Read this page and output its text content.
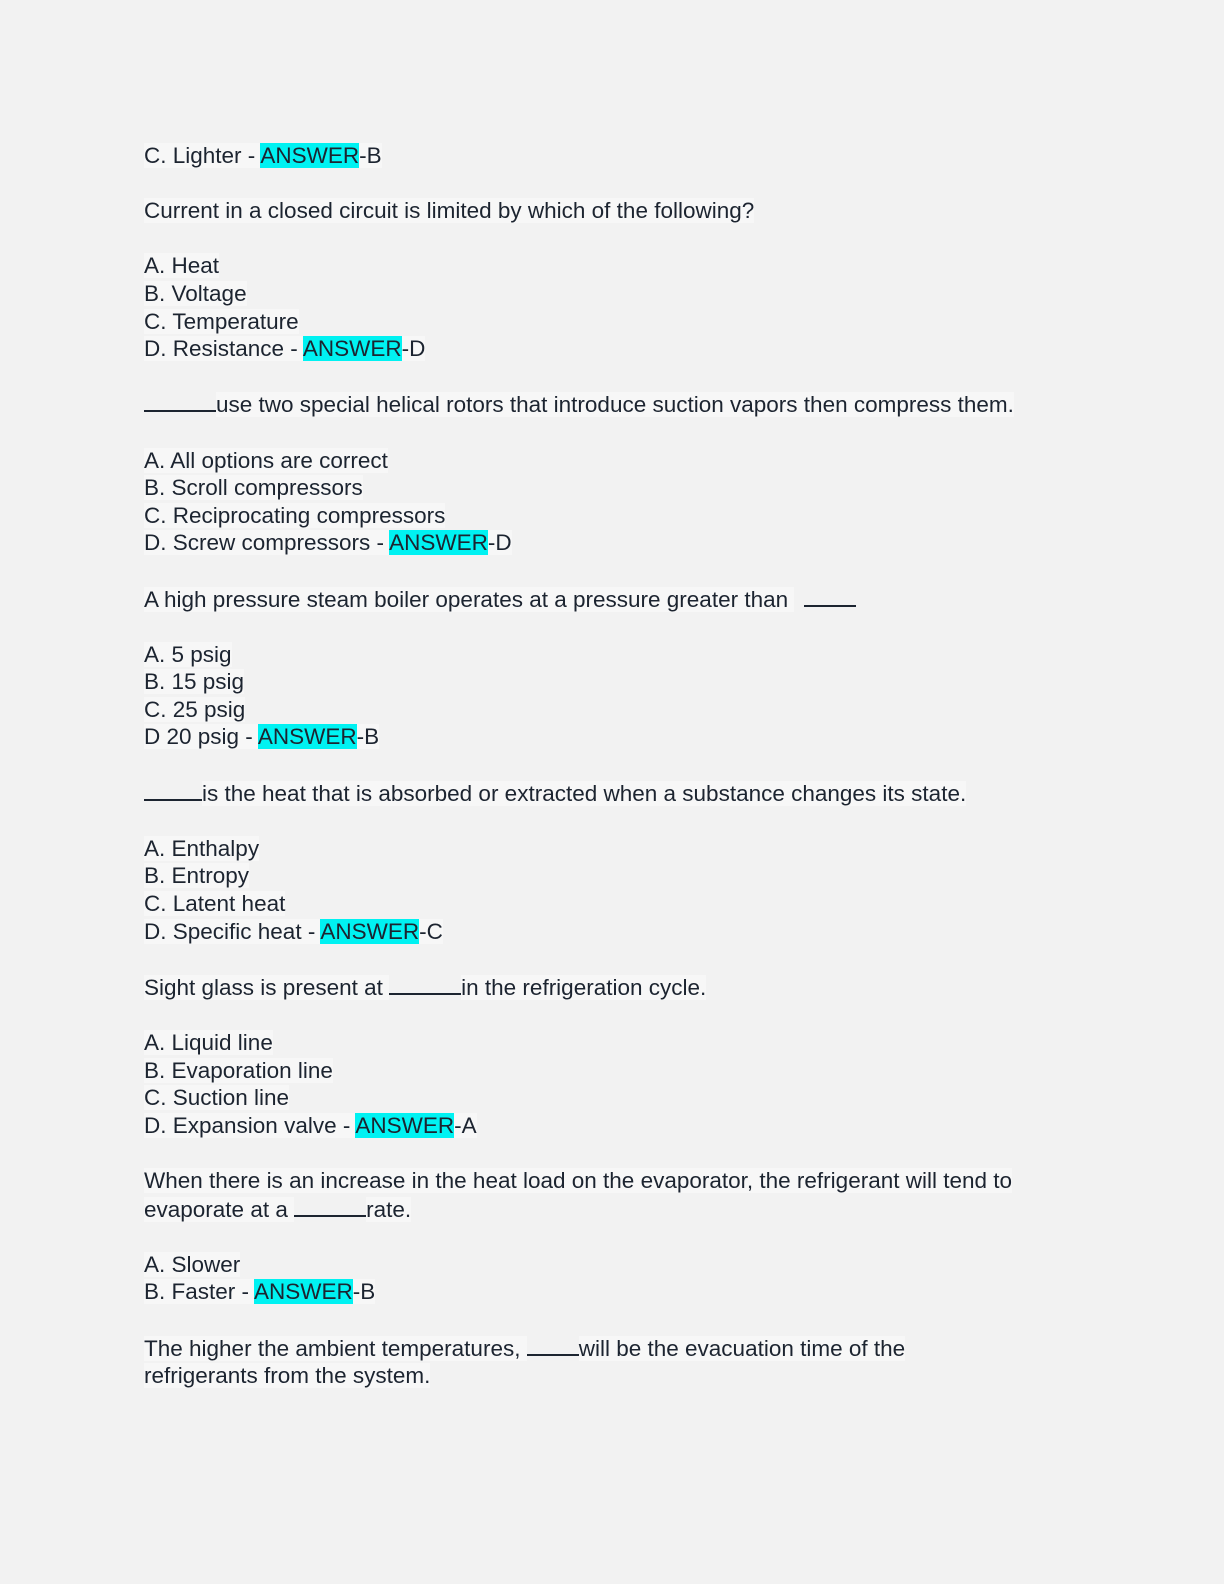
C. Lighter - ANSWER-B
Current in a closed circuit is limited by which of the following?
A. Heat
B. Voltage
C. Temperature
D. Resistance - ANSWER-D
use two special helical rotors that introduce suction vapors then compress them.
A. All options are correct
B. Scroll compressors
C. Reciprocating compressors
D. Screw compressors - ANSWER-D
A high pressure steam boiler operates at a pressure greater than
A. 5 psig
B. 15 psig
C. 25 psig
D 20 psig - ANSWER-B
is the heat that is absorbed or extracted when a substance changes its state.
A. Enthalpy
B. Entropy
C. Latent heat
D. Specific heat - ANSWER-C
Sight glass is present at	in the refrigeration cycle.
A. Liquid line
B. Evaporation line
C. Suction line
D. Expansion valve - ANSWER-A
When there is an increase in the heat load on the evaporator, the refrigerant will tend to
evaporate at a	rate.
A. Slower
B. Faster - ANSWER-B
The higher the ambient temperatures, will be the evacuation time of the
refrigerants from the system.
